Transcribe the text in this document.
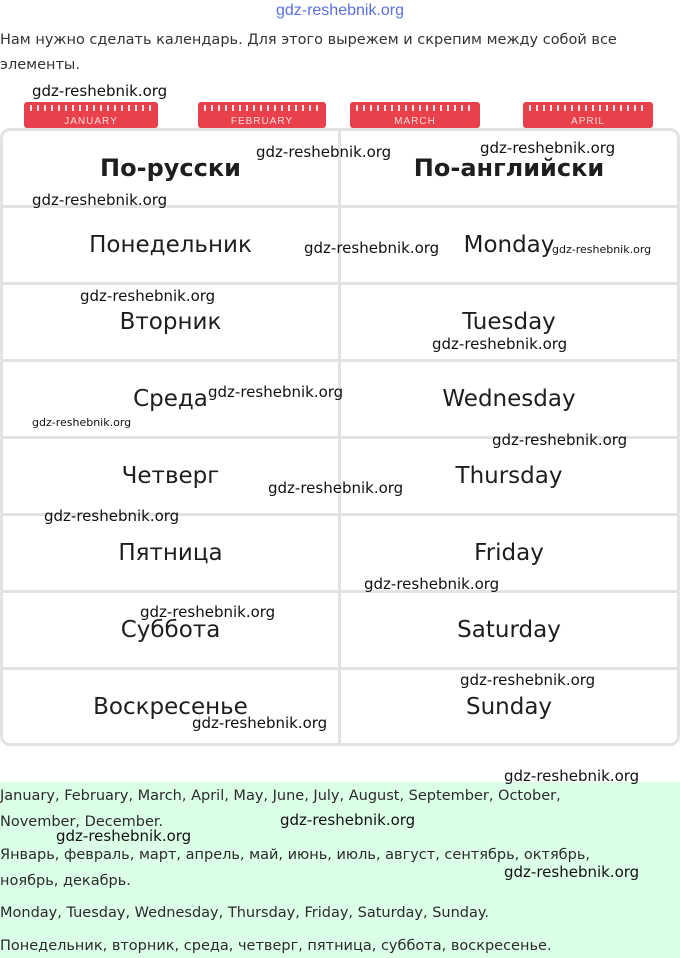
gdz-reshebnik.org

Нам нужно сделать календарь. Для этого вырежем и скрепим между собой все элементы.

JANUARY	FEBRUARY	MARCH	APRIL
По-русски	По-английски
Понедельник	Monday
Вторник	Tuesday
Среда	Wednesday
Четверг	Thursday
Пятница	Friday
Суббота	Saturday
Воскресенье	Sunday

January, February, March, April, May, June, July, August, September, October, November, December.

Январь, февраль, март, апрель, май, июнь, июль, август, сентябрь, октябрь, ноябрь, декабрь.

Monday, Tuesday, Wednesday, Thursday, Friday, Saturday, Sunday.

Понедельник, вторник, среда, четверг, пятница, суббота, воскресенье.

gdz-reshebnik.org
gdz-reshebnik.org	gdz-reshebnik.org
gdz-reshebnik.org
gdz-reshebnik.org	gdz-reshebnik.org
gdz-reshebnik.org
gdz-reshebnik.org
gdz-reshebnik.org
gdz-reshebnik.org
gdz-reshebnik.org
gdz-reshebnik.org
gdz-reshebnik.org
gdz-reshebnik.org
gdz-reshebnik.org
gdz-reshebnik.org
gdz-reshebnik.org
gdz-reshebnik.org
gdz-reshebnik.org
gdz-reshebnik.org
gdz-reshebnik.org
